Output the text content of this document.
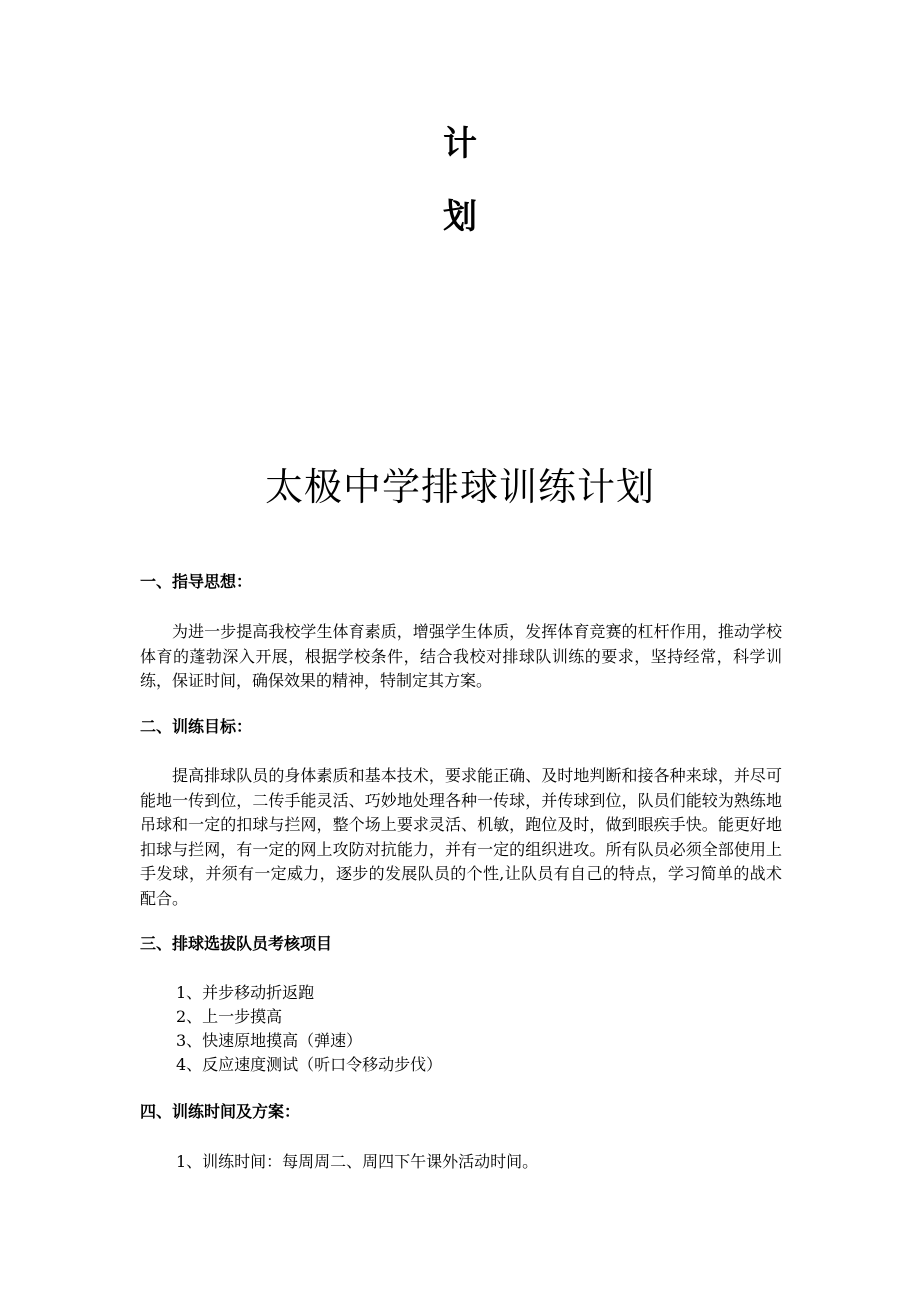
计
划
太极中学排球训练计划
一、指导思想：

为进一步提高我校学生体育素质，增强学生体质，发挥体育竞赛的杠杆作用，推动学校体育的蓬勃深入开展，根据学校条件，结合我校对排球队训练的要求，坚持经常，科学训练，保证时间，确保效果的精神，特制定其方案。

二、训练目标：

提高排球队员的身体素质和基本技术，要求能正确、及时地判断和接各种来球，并尽可能地一传到位，二传手能灵活、巧妙地处理各种一传球，并传球到位，队员们能较为熟练地吊球和一定的扣球与拦网，整个场上要求灵活、机敏，跑位及时，做到眼疾手快。能更好地扣球与拦网，有一定的网上攻防对抗能力，并有一定的组织进攻。所有队员必须全部使用上手发球，并须有一定威力，逐步的发展队员的个性,让队员有自己的特点，学习简单的战术配合。

三、排球选拔队员考核项目
1、并步移动折返跑
2、上一步摸高
3、快速原地摸高（弹速）
4、反应速度测试（听口令移动步伐）
四、训练时间及方案：
1、训练时间：每周周二、周四下午课外活动时间。
